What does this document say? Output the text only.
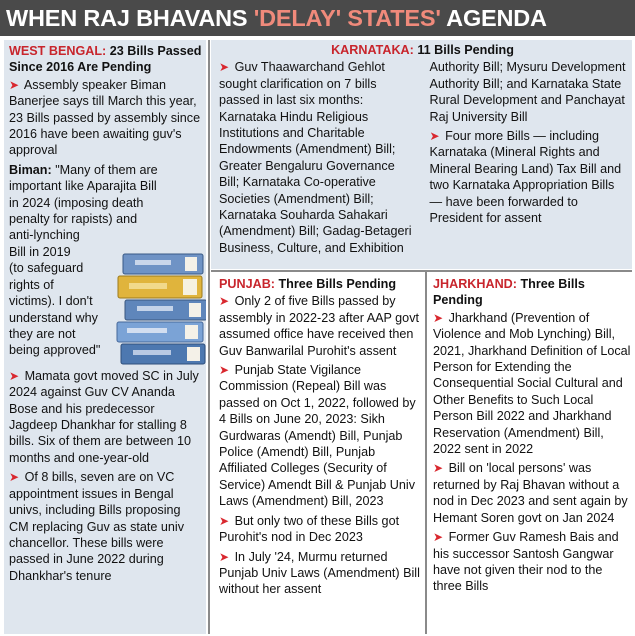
WHEN RAJ BHAVANS 'DELAY' STATES' AGENDA
WEST BENGAL: 23 Bills Passed
Since 2016 Are Pending

➤ Assembly speaker Biman Banerjee says till March this year, 23 Bills passed by assembly since 2016 have been awaiting guv's approval

Biman: "Many of them are
important like Aparajita Bill
in 2024 (imposing death
penalty for rapists) and
anti-lynching
Bill in 2019
(to safeguard
rights of
victims). I don't
understand why
they are not
being approved"

➤ Mamata govt moved SC in July 2024 against Guv CV Ananda Bose and his predecessor Jagdeep Dhankhar for stalling 8 bills. Six of them are between 10 months and one-year-old

➤ Of 8 bills, seven are on VC appointment issues in Bengal univs, including Bills proposing CM replacing Guv as state univ chancellor. These bills were passed in June 2022 during Dhankhar's tenure

KARNATAKA: 11 Bills Pending

➤ Guv Thaawarchand Gehlot sought clarification on 7 bills passed in last six months: Karnataka Hindu Religious Institutions and Charitable Endowments (Amendment) Bill; Greater Bengaluru Governance Bill; Karnataka Co-operative Societies (Amendment) Bill; Karnataka Souharda Sahakari (Amendment) Bill; Gadag-Betageri Business, Culture, and Exhibition Authority Bill; Mysuru Development Authority Bill; and Karnataka State Rural Development and Panchayat Raj University Bill

➤ Four more Bills — including Karnataka (Mineral Rights and Mineral Bearing Land) Tax Bill and two Karnataka Appropriation Bills — have been forwarded to President for assent

PUNJAB: Three Bills Pending

➤ Only 2 of five Bills passed by assembly in 2022-23 after AAP govt assumed office have received then Guv Banwarilal Purohit's assent

➤ Punjab State Vigilance Commission (Repeal) Bill was passed on Oct 1, 2022, followed by 4 Bills on June 20, 2023: Sikh Gurdwaras (Amendt) Bill, Punjab Police (Amendt) Bill, Punjab Affiliated Colleges (Security of Service) Amendt Bill & Punjab Univ Laws (Amendment) Bill, 2023

➤ But only two of these Bills got Purohit's nod in Dec 2023

➤ In July '24, Murmu returned Punjab Univ Laws (Amendment) Bill without her assent

JHARKHAND: Three Bills Pending

➤ Jharkhand (Prevention of Violence and Mob Lynching) Bill, 2021, Jharkhand Definition of Local Person for Extending the Consequential Social Cultural and Other Benefits to Such Local Person Bill 2022 and Jharkhand Reservation (Amendment) Bill, 2022 sent in 2022

➤ Bill on 'local persons' was returned by Raj Bhavan without a nod in Dec 2023 and sent again by Hemant Soren govt on Jan 2024

➤ Former Guv Ramesh Bais and his successor Santosh Gangwar have not given their nod to the three Bills
